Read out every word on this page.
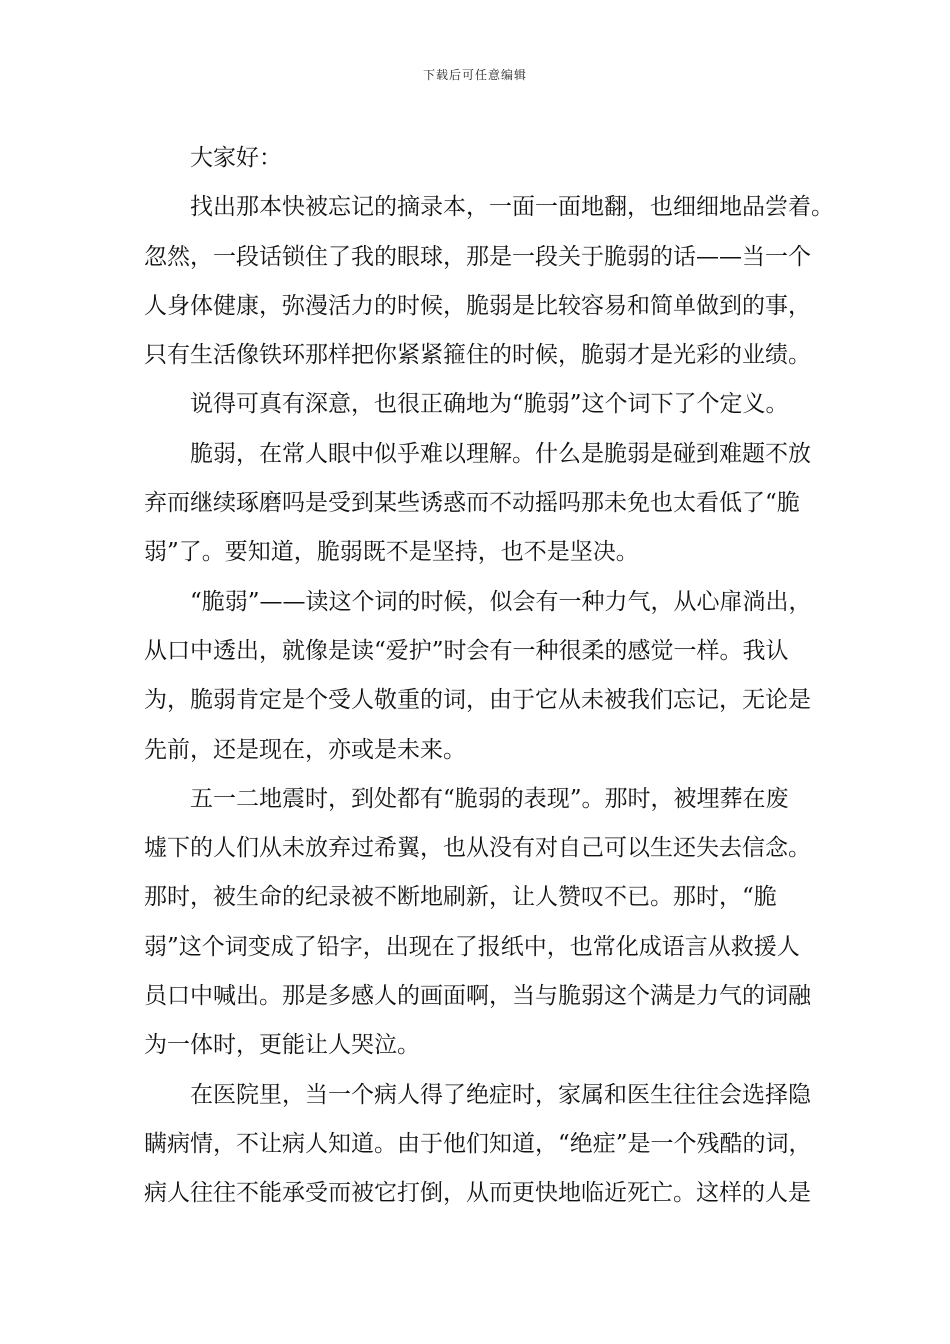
下载后可任意编辑
大家好：
找出那本快被忘记的摘录本，一面一面地翻，也细细地品尝着。
忽然，一段话锁住了我的眼球，那是一段关于脆弱的话——当一个
人身体健康，弥漫活力的时候，脆弱是比较容易和简单做到的事，
只有生活像铁环那样把你紧紧箍住的时候，脆弱才是光彩的业绩。
说得可真有深意，也很正确地为“脆弱”这个词下了个定义。
脆弱，在常人眼中似乎难以理解。什么是脆弱是碰到难题不放
弃而继续琢磨吗是受到某些诱惑而不动摇吗那未免也太看低了“脆
弱”了。要知道，脆弱既不是坚持，也不是坚决。
“脆弱”——读这个词的时候，似会有一种力气，从心扉淌出，
从口中透出，就像是读“爱护”时会有一种很柔的感觉一样。我认
为，脆弱肯定是个受人敬重的词，由于它从未被我们忘记，无论是
先前，还是现在，亦或是未来。
五一二地震时，到处都有“脆弱的表现”。那时，被埋葬在废
墟下的人们从未放弃过希翼，也从没有对自己可以生还失去信念。
那时，被生命的纪录被不断地刷新，让人赞叹不已。那时，“脆
弱”这个词变成了铅字，出现在了报纸中，也常化成语言从救援人
员口中喊出。那是多感人的画面啊，当与脆弱这个满是力气的词融
为一体时，更能让人哭泣。
在医院里，当一个病人得了绝症时，家属和医生往往会选择隐
瞒病情，不让病人知道。由于他们知道，“绝症”是一个残酷的词，
病人往往不能承受而被它打倒，从而更快地临近死亡。这样的人是
